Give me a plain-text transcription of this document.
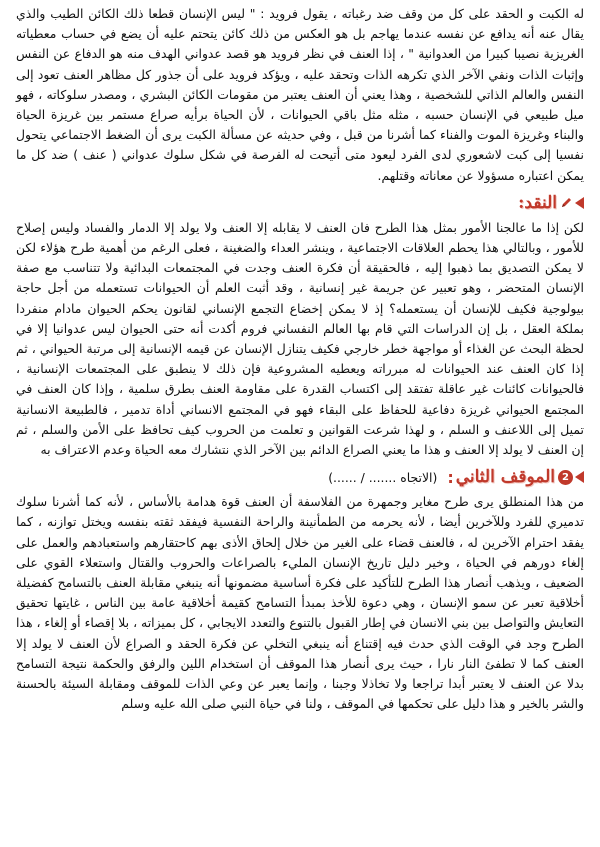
له الكبت و الحقد على كل من وقف ضد رغباته ، يقول فرويد : " ليس الإنسان قطعا ذلك الكائن الطيب والذي يقال عنه أنه يدافع عن نفسه عندما يهاجم بل هو العكس من ذلك كائن يتحتم عليه أن يضع في حساب معطياته الغريزية نصيبا كبيرا من العدوانية " ، إذا العنف في نظر فرويد هو قصد عدواني الهدف منه هو الدفاع عن النفس وإثبات الذات ونفي الآخر الذي تكرهه الذات وتحقد عليه ، ويؤكد فرويد على أن جذور كل مظاهر العنف تعود إلى النفس والعالم الذاتي للشخصية ، وهذا يعني أن العنف يعتبر من مقومات الكائن البشري ، ومصدر سلوكاته ، فهو ميل طبيعي في الإنسان حسبه ، مثله مثل باقي الحيوانات ، لأن الحياة برأيه صراع مستمر بين غريزة الحياة والبناء وغريزة الموت والفناء كما أشرنا من قبل ، وفي حديثه عن مسألة الكبت يرى أن الضغط الاجتماعي يتحول نفسيا إلى كبت لاشعوري لدى الفرد ليعود متى أتيحت له الفرصة في شكل سلوك عدواني ( عنف ) ضد كل ما يمكن اعتباره مسؤولا عن معاناته وقتلهم.

النقد:

لكن إذا ما عالجنا الأمور بمثل هذا الطرح فان العنف لا يقابله إلا العنف ولا يولد إلا الدمار والفساد وليس إصلاح للأمور ، وبالتالي هذا يحطم العلاقات الاجتماعية ، وينشر العداء والضغينة ، فعلى الرغم من أهمية طرح هؤلاء لكن لا يمكن التصديق بما ذهبوا إليه ، فالحقيقة أن فكرة العنف وجدت في المجتمعات البدائية ولا تتناسب مع صفة الإنسان المتحضر ، وهو تعبير عن جريمة غير إنسانية ، وقد أثبت العلم أن الحيوانات تستعمله من أجل حاجة بيولوجية فكيف للإنسان أن يستعمله؟ إذ لا يمكن إخضاع التجمع الإنساني لقانون يحكم الحيوان مادام منفردا بملكة العقل ، بل إن الدراسات التي قام بها العالم النفساني فروم أكدت أنه حتى الحيوان ليس عدوانيا إلا في لحظة البحث عن الغذاء أو مواجهة خطر خارجي فكيف يتنازل الإنسان عن قيمه الإنسانية إلى مرتبة الحيواني ، ثم إذا كان العنف عند الحيوانات له مبرراته ويعطيه المشروعية فإن ذلك لا ينطبق على المجتمعات الإنسانية ، فالحيوانات كائنات غير عاقلة تفتقد إلى اكتساب القدرة على مقاومة العنف بطرق سلمية ، وإذا كان العنف في المجتمع الحيواني غريزة دفاعية للحفاظ على البقاء فهو في المجتمع الانساني أداة تدمير ، فالطبيعة الانسانية تميل إلى اللاعنف و السلم ، و لهذا شرعت القوانين و تعلمت من الحروب كيف تحافظ على الأمن والسلم ، ثم إن العنف لا يولد إلا العنف و هذا ما يعني الصراع الدائم بين الآخر الذي نتشارك معه الحياة وعدم الاعتراف به

2
الموقف الثاني
:
(الاتجاه ....... / ......)

من هذا المنطلق يرى طرح مغاير وجمهرة من الفلاسفة أن العنف قوة هدامة بالأساس ، لأنه كما أشرنا سلوك تدميري للفرد وللآخرين أيضا ، لأنه يحرمه من الطمأنينة والراحة النفسية فيفقد ثقته بنفسه ويختل توازنه ، كما يفقد احترام الآخرين له ، فالعنف قضاء على الغير من خلال إلحاق الأذى بهم كاحتقارهم واستعبادهم والعمل على إلغاء دورهم في الحياة ، وخير دليل تاريخ الإنسان المليء بالصراعات والحروب والقتال واستعلاء القوي على الضعيف ، ويذهب أنصار هذا الطرح للتأكيد على فكرة أساسية مضمونها أنه ينبغي مقابلة العنف بالتسامح كفضيلة أخلاقية تعبر عن سمو الإنسان ، وهي دعوة للأخذ بمبدأ التسامح كقيمة أخلاقية عامة بين الناس ، غايتها تحقيق التعايش والتواصل بين بني الانسان في إطار القبول بالتنوع والتعدد الايجابي ، كل بميزاته ، بلا إقصاء أو إلغاء ، هذا الطرح وجد في الوقت الذي حدث فيه إقتناع أنه ينبغي التخلي عن فكرة الحقد و الصراع لأن العنف لا يولد إلا العنف كما لا تطفئ النار نارا ، حيث يرى أنصار هذا الموقف أن استخدام اللين والرفق والحكمة نتيجة التسامح بدلا عن العنف لا يعتبر أبدا تراجعا ولا تخاذلا وجبنا ، وإنما يعبر عن وعي الذات للموقف ومقابلة السيئة بالحسنة والشر بالخير و هذا دليل على تحكمها في الموقف ، ولنا في حياة النبي صلى الله عليه وسلم
